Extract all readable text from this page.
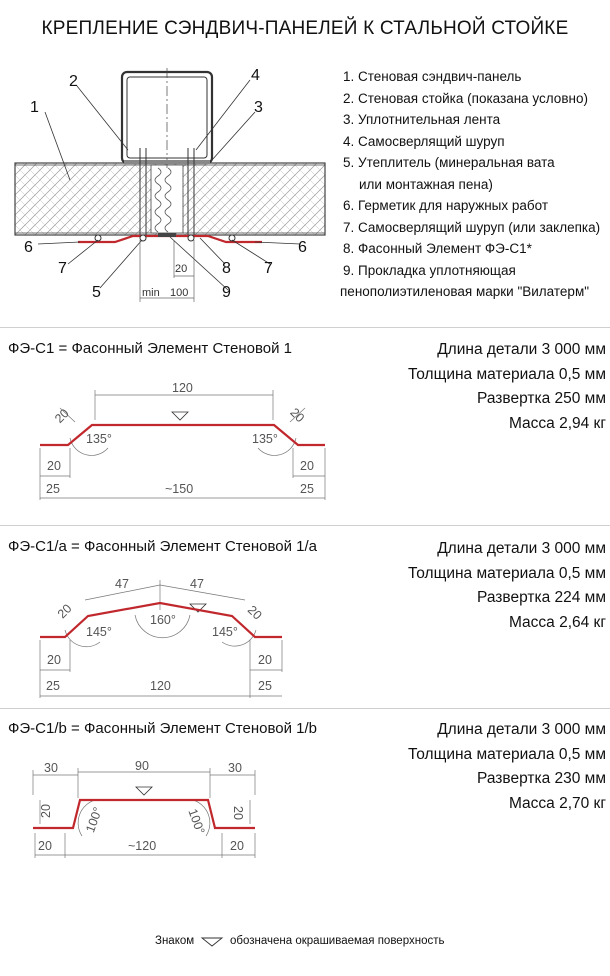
КРЕПЛЕНИЕ СЭНДВИЧ-ПАНЕЛЕЙ К СТАЛЬНОЙ СТОЙКЕ
1
2	4
3
6	6
7	7
5
8
9
20
min 100
1. Стеновая сэндвич-панель
2. Стеновая стойка (показана условно)
3. Уплотнительная лента
4. Самосверлящий шуруп
5. Утеплитель (минеральная вата
или монтажная пена)
6. Герметик для наружных работ
7. Самосверлящий шуруп (или заклепка)
8. Фасонный Элемент ФЭ-С1*
9. Прокладка уплотняющая
пенополиэтиленовая марки "Вилатерм"
ФЭ-С1 = Фасонный Элемент Стеновой 1	Длина детали 3 000 мм
Толщина материала 0,5 мм
Развертка 250 мм
Масса 2,94 кг
120
20	20
135°	135°
20	20
25	~150	25
ФЭ-С1/а = Фасонный Элемент Стеновой 1/а	Длина детали 3 000 мм
Толщина материала 0,5 мм
Развертка 224 мм
Масса 2,64 кг
47	47
20	20
145°
160°
145°
20	20
25	120	25
ФЭ-С1/b = Фасонный Элемент Стеновой 1/b	Длина детали 3 000 мм
Толщина материала 0,5 мм
Развертка 230 мм
Масса 2,70 кг
30	90	30
20	20
100°	100°
20	~120	20
Знаком	обозначена окрашиваемая поверхность
